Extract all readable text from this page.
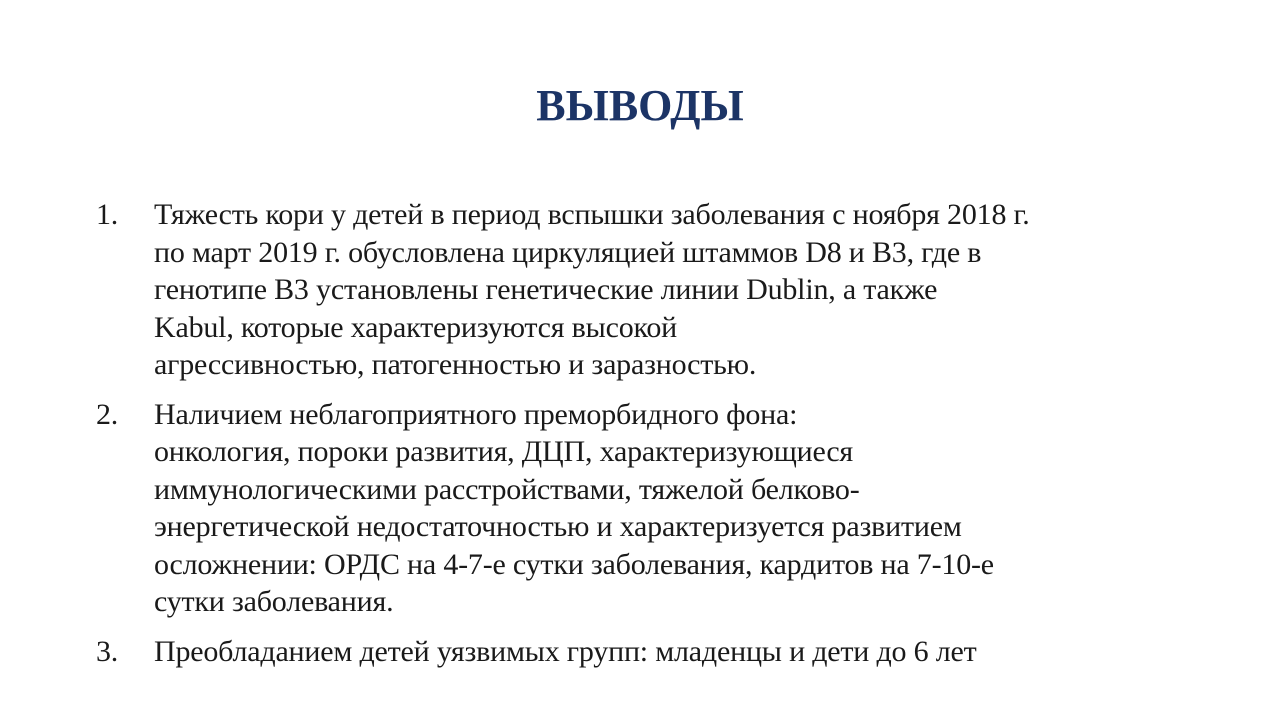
ВЫВОДЫ
1.	Тяжесть кори у детей в период вспышки заболевания с ноября 2018 г.
по март 2019 г. обусловлена циркуляцией штаммов D8 и В3, где в
генотипе В3 установлены генетические линии Dublin, а также
Kabul, которые характеризуются высокой
агрессивностью, патогенностью и заразностью.
2.	Наличием неблагоприятного преморбидного фона:
онкология, пороки развития, ДЦП, характеризующиеся
иммунологическими расстройствами, тяжелой белково-
энергетической недостаточностью и характеризуется развитием
осложнении: ОРДС на 4-7-е сутки заболевания, кардитов на 7-10-е
сутки заболевания.
3.	Преобладанием детей уязвимых групп: младенцы и дети до 6 лет
